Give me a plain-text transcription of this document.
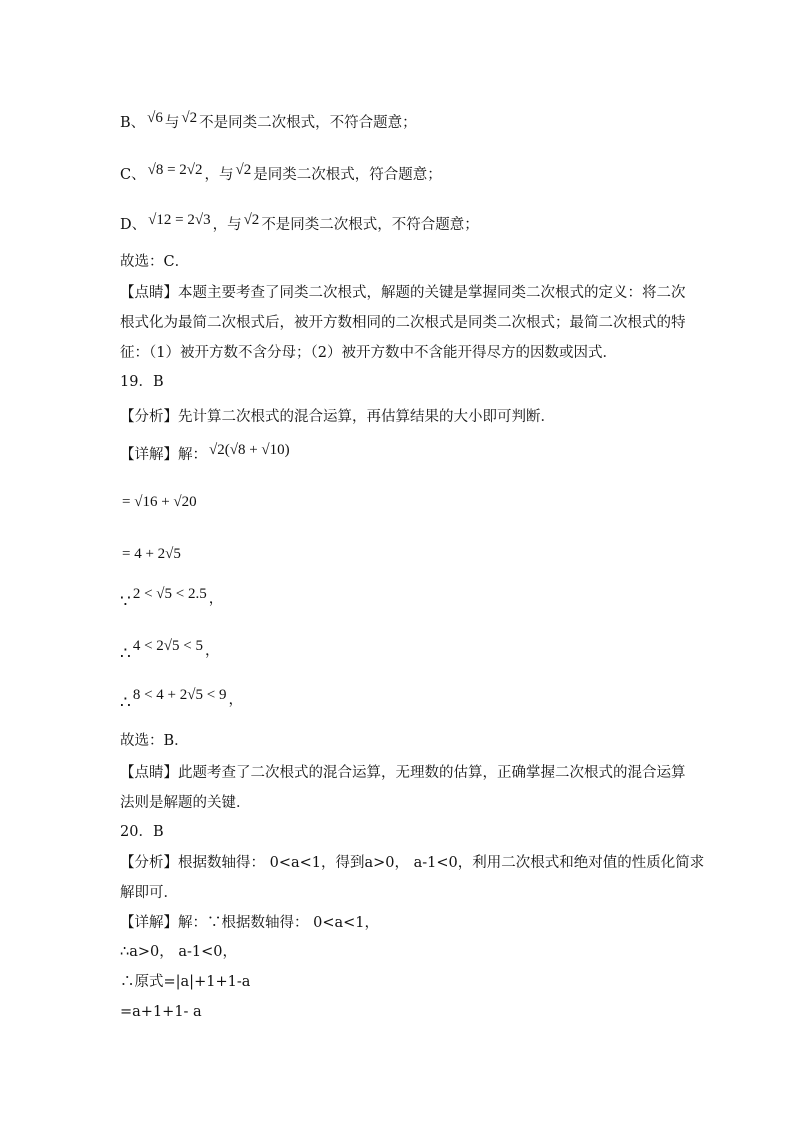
B、 √6 与 √2 不是同类二次根式，不符合题意；
C、 √8 = 2√2 ，与 √2 是同类二次根式，符合题意；
D、 √12 = 2√3 ，与 √2 不是同类二次根式，不符合题意；
故选：C．
【点睛】本题主要考查了同类二次根式，解题的关键是掌握同类二次根式的定义：将二次
根式化为最简二次根式后，被开方数相同的二次根式是同类二次根式；最简二次根式的特
征：（1）被开方数不含分母；（2）被开方数中不含能开得尽方的因数或因式．
19．B
【分析】先计算二次根式的混合运算，再估算结果的大小即可判断．
【详解】解： √2(√8 + √10)
= √16 + √20
= 4 + 2√5
∵ 2 < √5 < 2.5 ，
∴ 4 < 2√5 < 5 ，
∴ 8 < 4 + 2√5 < 9 ，
故选：B．
【点睛】此题考查了二次根式的混合运算，无理数的估算，正确掌握二次根式的混合运算
法则是解题的关键．
20．B
【分析】根据数轴得： 0<a<1，得到a>0， a-1<0，利用二次根式和绝对值的性质化简求
解即可．
【详解】解：∵根据数轴得： 0<a<1，
∴a>0， a-1<0，
∴原式=|a|+1+1-a
=a+1+1- a
